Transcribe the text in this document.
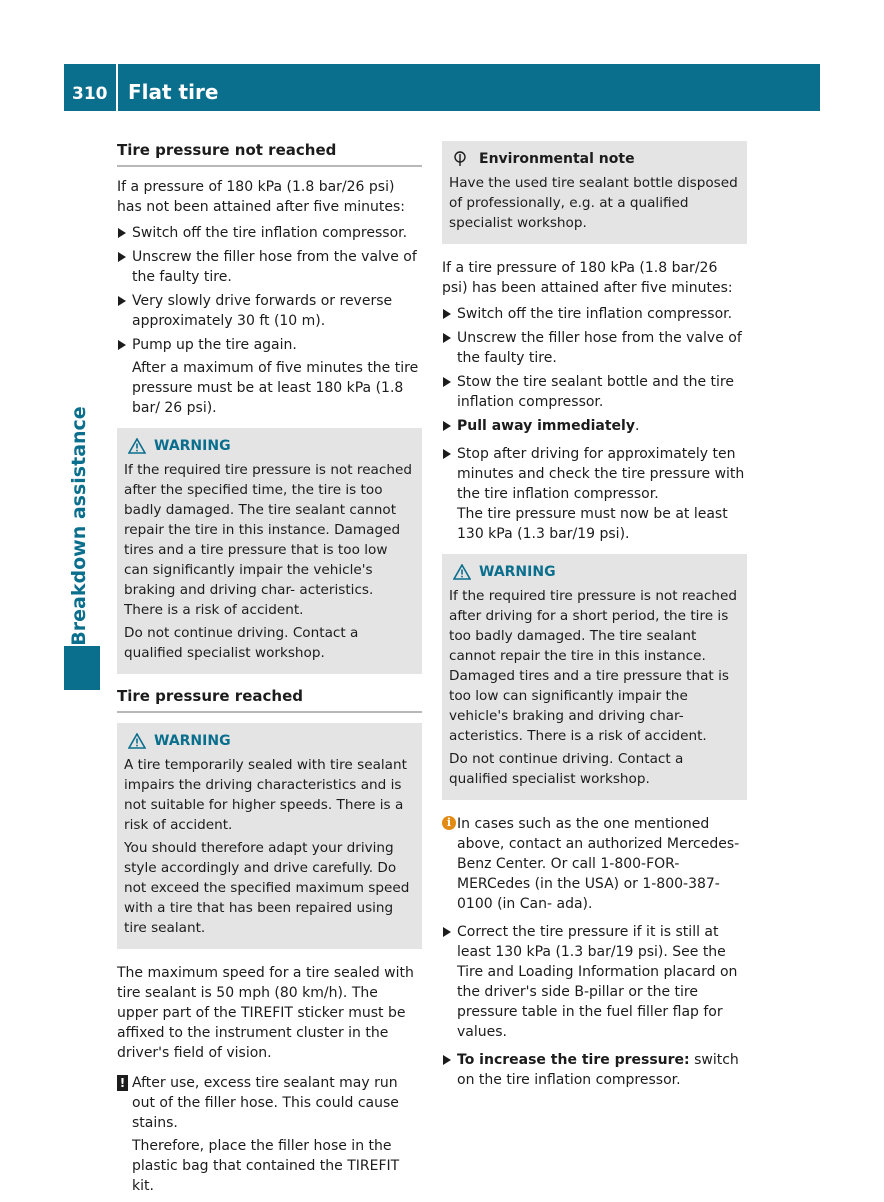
310 Flat tire
Breakdown assistance
Tire pressure not reached

If a pressure of 180 kPa (1.8 bar/26 psi) has not been attained after five minutes:

Switch off the tire inflation compressor.
Unscrew the filler hose from the valve of the faulty tire.
Very slowly drive forwards or reverse approximately 30 ft (10 m).
Pump up the tire again.
After a maximum of five minutes the tire pressure must be at least 180 kPa (1.8 bar/ 26 psi).
WARNING

If the required tire pressure is not reached after the specified time, the tire is too badly damaged. The tire sealant cannot repair the tire in this instance. Damaged tires and a tire pressure that is too low can significantly impair the vehicle's braking and driving char- acteristics. There is a risk of accident.

Do not continue driving. Contact a qualified specialist workshop.

Tire pressure reached
WARNING

A tire temporarily sealed with tire sealant impairs the driving characteristics and is not suitable for higher speeds. There is a risk of accident.

You should therefore adapt your driving style accordingly and drive carefully. Do not exceed the specified maximum speed with a tire that has been repaired using tire sealant.

The maximum speed for a tire sealed with tire sealant is 50 mph (80 km/h). The upper part of the TIREFIT sticker must be affixed to the instrument cluster in the driver's field of vision.

! After use, excess tire sealant may run out of the filler hose. This could cause stains.

Therefore, place the filler hose in the plastic bag that contained the TIREFIT kit.

Environmental note

Have the used tire sealant bottle disposed of professionally, e.g. at a qualified specialist workshop.

If a tire pressure of 180 kPa (1.8 bar/26 psi) has been attained after five minutes:

Switch off the tire inflation compressor.
Unscrew the filler hose from the valve of the faulty tire.
Stow the tire sealant bottle and the tire inflation compressor.
Pull away immediately.
Stop after driving for approximately ten minutes and check the tire pressure with the tire inflation compressor.
The tire pressure must now be at least 130 kPa (1.3 bar/19 psi).
WARNING

If the required tire pressure is not reached after driving for a short period, the tire is too badly damaged. The tire sealant cannot repair the tire in this instance. Damaged tires and a tire pressure that is too low can significantly impair the vehicle's braking and driving char- acteristics. There is a risk of accident.

Do not continue driving. Contact a qualified specialist workshop.

i In cases such as the one mentioned above, contact an authorized Mercedes- Benz Center. Or call 1-800-FOR-MERCedes (in the USA) or 1-800-387-0100 (in Can- ada).
Correct the tire pressure if it is still at least 130 kPa (1.3 bar/19 psi). See the Tire and Loading Information placard on the driver's side B-pillar or the tire pressure table in the fuel filler flap for values.
To increase the tire pressure: switch on the tire inflation compressor.
